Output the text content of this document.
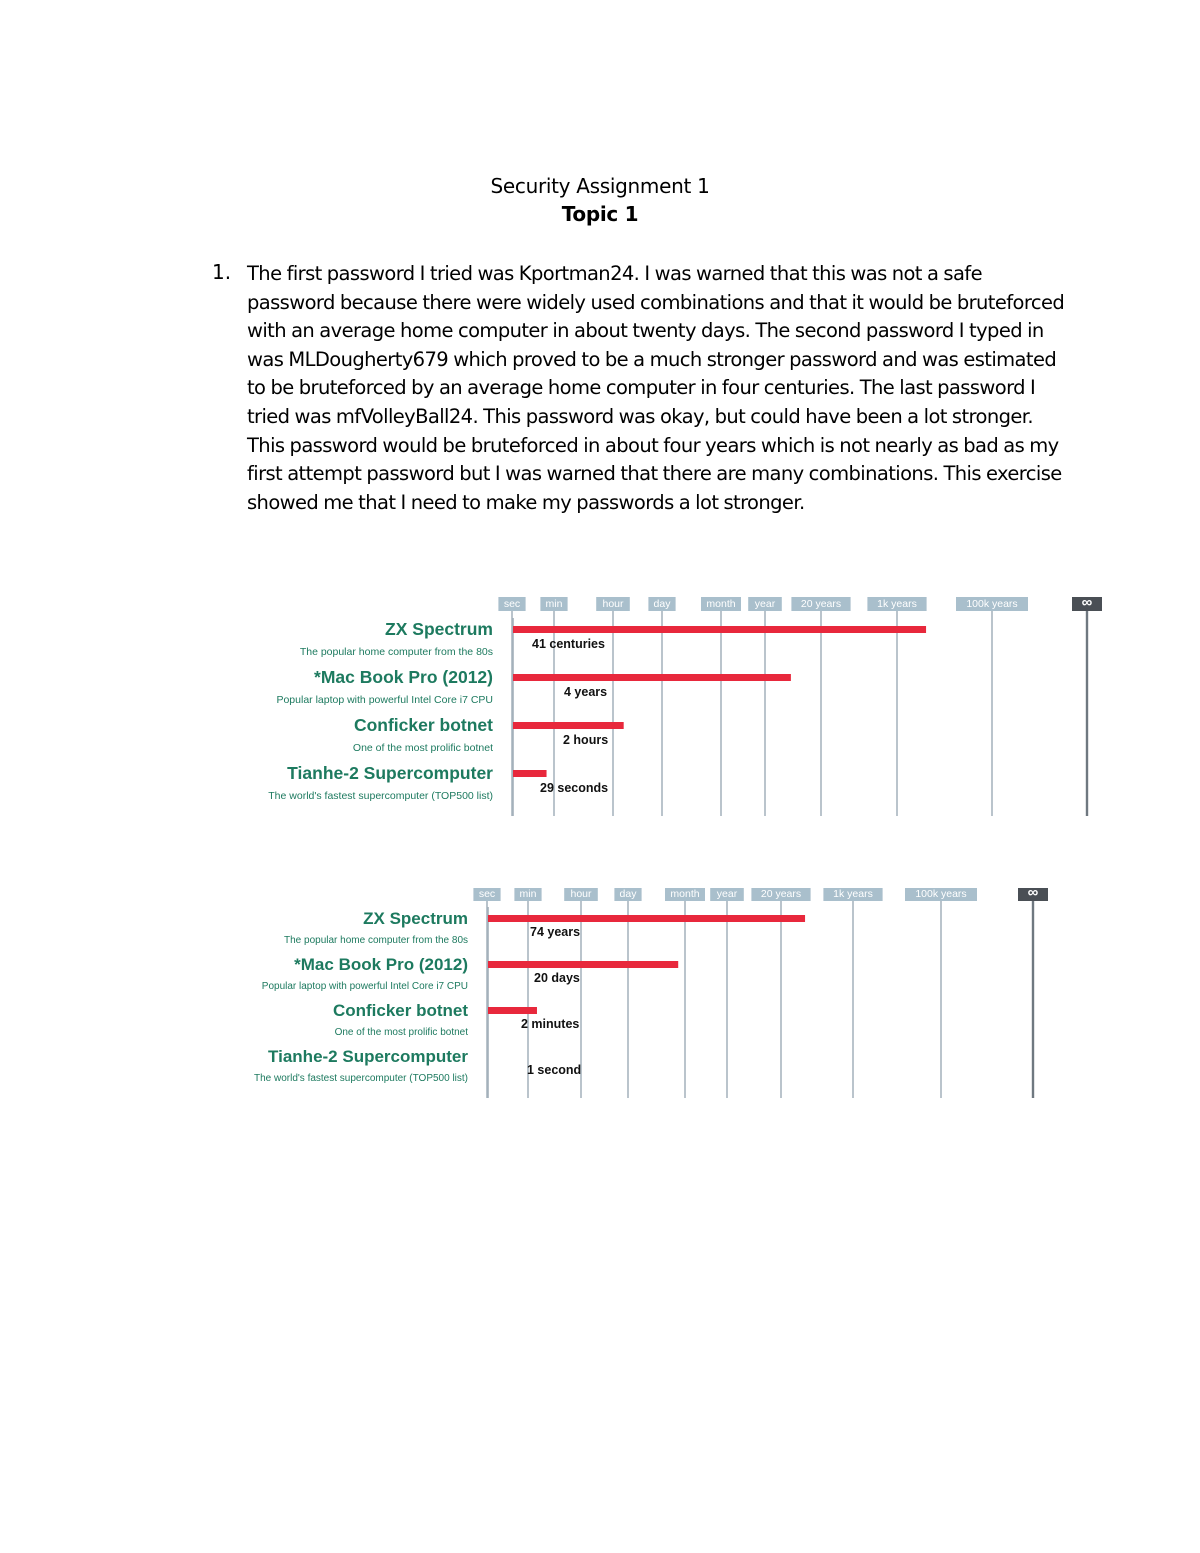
Security Assignment 1
Topic 1
1. The first password I tried was Kportman24. I was warned that this was not a safe password because there were widely used combinations and that it would be bruteforced with an average home computer in about twenty days. The second password I typed in was MLDougherty679 which proved to be a much stronger password and was estimated to be bruteforced by an average home computer in four centuries. The last password I tried was mfVolleyBall24. This password was okay, but could have been a lot stronger. This password would be bruteforced in about four years which is not nearly as bad as my first attempt password but I was warned that there are many combinations. This exercise showed me that I need to make my passwords a lot stronger.

sec min	hour	day	month year 20 years	1k years	100k years	∞
ZX Spectrum
The popular home computer from the 80s
41 centuries
*Mac Book Pro (2012)
Popular laptop with powerful Intel Core i7 CPU
4 years
Conficker botnet
One of the most prolific botnet
2 hours
Tianhe-2 Supercomputer
The world's fastest supercomputer (TOP500 list)
29 seconds
sec min	hour	day	month year 20 years	1k years	100k years	∞
ZX Spectrum
The popular home computer from the 80s
74 years
*Mac Book Pro (2012)
Popular laptop with powerful Intel Core i7 CPU
20 days
Conficker botnet
One of the most prolific botnet
2 minutes
Tianhe-2 Supercomputer
The world's fastest supercomputer (TOP500 list)
1 second
